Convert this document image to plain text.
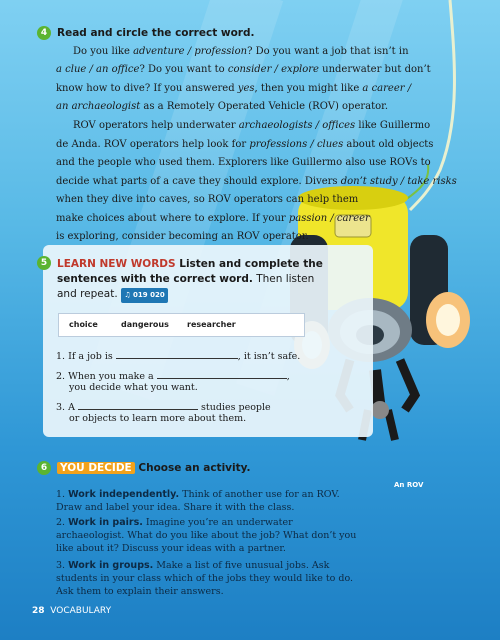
4 Read and circle the correct word.
Do you like adventure / profession? Do you want a job that isn’t in
a clue / an office? Do you want to consider / explore underwater but don’t
know how to dive? If you answered yes, then you might like a career /
an archaeologist as a Remotely Operated Vehicle (ROV) operator.
ROV operators help underwater archaeologists / offices like Guillermo
de Anda. ROV operators help look for professions / clues about old objects
and the people who used them. Explorers like Guillermo also use ROVs to
decide what parts of a cave they should explore. Divers don’t study / take risks
when they dive into caves, so ROV operators can help them
make choices about where to explore. If your passion / career
is exploring, consider becoming an ROV operator.
5 LEARN NEW WORDS Listen and complete the
sentences with the correct word. Then listen
and repeat. ♫ 019 020
choice	dangerous researcher
1. If a job is	, it isn’t safe.
2. When you make a	,
you decide what you want.
3. A	studies people
or objects to learn more about them.
An ROV
6	YOU DECIDE Choose an activity.
1. Work independently. Think of another use for an ROV. Draw and label your idea. Share it with the class.
2. Work in pairs. Imagine you’re an underwater archaeologist. What do you like about the job? What don’t you like about it? Discuss your ideas with a partner.
3. Work in groups. Make a list of five unusual jobs. Ask students in your class which of the jobs they would like to do. Ask them to explain their answers.
28 VOCABULARY
